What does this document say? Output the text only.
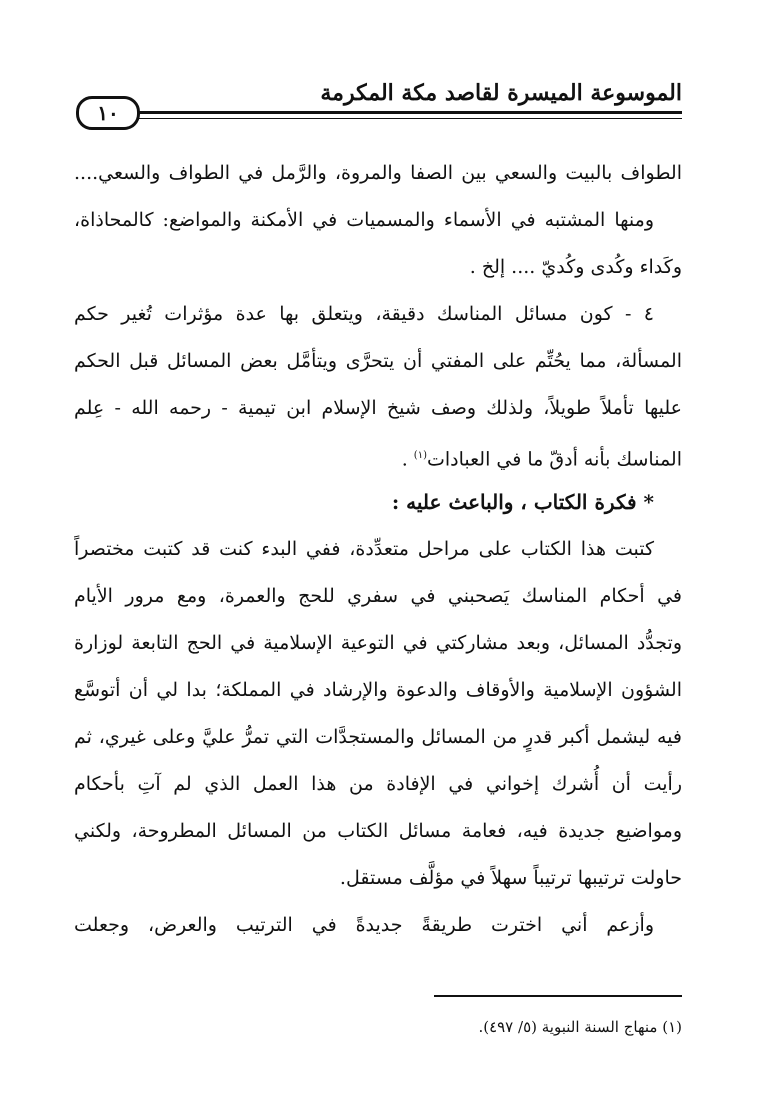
الموسوعة الميسرة لقاصد مكة المكرمة
١٠
الطواف بالبيت والسعي بين الصفا والمروة، والرَّمل في الطواف والسعي....
ومنها المشتبه في الأسماء والمسميات في الأمكنة والمواضع: كالمحاذاة،
وكَداء وكُدى وكُديّ .... إلخ .
٤ - كون مسائل المناسك دقيقة، ويتعلق بها عدة مؤثرات تُغير حكم
المسألة، مما يحُتِّم على المفتي أن يتحرَّى ويتأمَّل بعض المسائل قبل الحكم
عليها تأملاً طويلاً، ولذلك وصف شيخ الإسلام ابن تيمية - رحمه الله - عِلم
المناسك بأنه أدقّ ما في العبادات$^{(١)}$ .
* فكرة الكتاب ، والباعث عليه :
كتبت هذا الكتاب على مراحل متعدِّدة، ففي البدء كنت قد كتبت مختصراً
في أحكام المناسك يَصحبني في سفري للحج والعمرة، ومع مرور الأيام
وتجدُّد المسائل، وبعد مشاركتي في التوعية الإسلامية في الحج التابعة لوزارة
الشؤون الإسلامية والأوقاف والدعوة والإرشاد في المملكة؛ بدا لي أن أتوسَّع
فيه ليشمل أكبر قدرٍ من المسائل والمستجدَّات التي تمرُّ عليَّ وعلى غيري، ثم
رأيت أن أُشرك إخواني في الإفادة من هذا العمل الذي لم آتِ بأحكام
ومواضيع جديدة فيه، فعامة مسائل الكتاب من المسائل المطروحة، ولكني
حاولت ترتيبها ترتيباً سهلاً في مؤلَّف مستقل.
وأزعم أني اخترت طريقةً جديدةً في الترتيب والعرض، وجعلت
(١) منهاج السنة النبوية (٥/ ٤٩٧).
